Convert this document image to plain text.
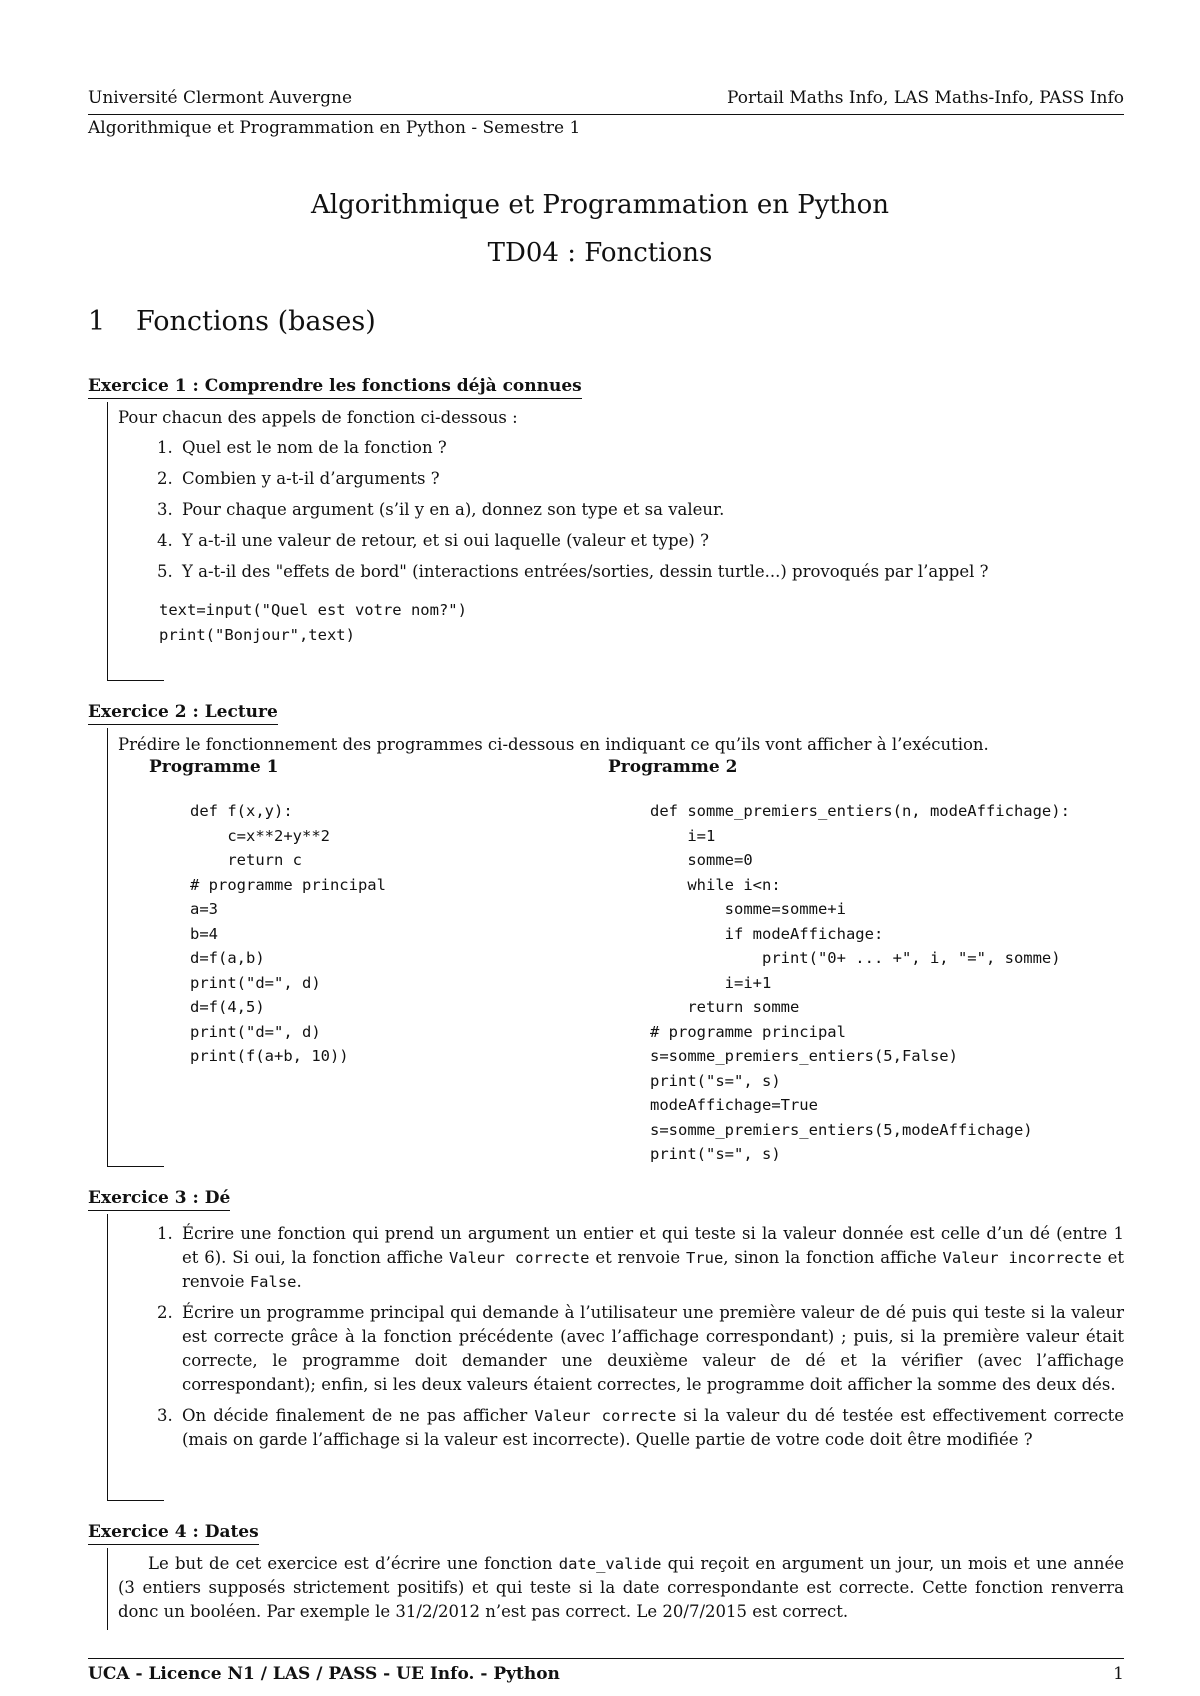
Université Clermont Auvergne	Portail Maths Info, LAS Maths-Info, PASS Info
Algorithmique et Programmation en Python - Semestre 1
Algorithmique et Programmation en Python
TD04 : Fonctions
1 Fonctions (bases)
Exercice 1 : Comprendre les fonctions déjà connues

Pour chacun des appels de fonction ci-dessous :

1. Quel est le nom de la fonction ?
2. Combien y a-t-il d’arguments ?
3. Pour chaque argument (s’il y en a), donnez son type et sa valeur.
4. Y a-t-il une valeur de retour, et si oui laquelle (valeur et type) ?
5. Y a-t-il des "effets de bord" (interactions entrées/sorties, dessin turtle...) provoqués par l’appel ?
text=input("Quel est votre nom?")
print("Bonjour",text)
Exercice 2 : Lecture
Prédire le fonctionnement des programmes ci-dessous en indiquant ce qu’ils vont afficher à l’exécution.
Programme 1	Programme 2
def f(x,y):
c=x**2+y**2
return c
# programme principal
a=3
b=4
d=f(a,b)
print("d=", d)
d=f(4,5)
print("d=", d)
print(f(a+b, 10))
def somme_premiers_entiers(n, modeAffichage):
i=1
somme=0
while i<n:
somme=somme+i
if modeAffichage:
print("0+ ... +", i, "=", somme)
i=i+1
return somme
# programme principal
s=somme_premiers_entiers(5,False)
print("s=", s)
modeAffichage=True
s=somme_premiers_entiers(5,modeAffichage)
print("s=", s)
Exercice 3 : Dé
1. Écrire une fonction qui prend un argument un entier et qui teste si la valeur donnée est celle d’un dé (entre 1 et 6). Si oui, la fonction affiche Valeur correcte et renvoie True, sinon la fonction affiche Valeur incorrecte et renvoie False.
2. Écrire un programme principal qui demande à l’utilisateur une première valeur de dé puis qui teste si la valeur est correcte grâce à la fonction précédente (avec l’affichage correspondant) ; puis, si la première valeur était correcte, le programme doit demander une deuxième valeur de dé et la vérifier (avec l’affichage correspondant); enfin, si les deux valeurs étaient correctes, le programme doit afficher la somme des deux dés.
3. On décide finalement de ne pas afficher Valeur correcte si la valeur du dé testée est effectivement correcte (mais on garde l’affichage si la valeur est incorrecte). Quelle partie de votre code doit être modifiée ?
Exercice 4 : Dates
Le but de cet exercice est d’écrire une fonction date_valide qui reçoit en argument un jour, un mois et une année (3 entiers supposés strictement positifs) et qui teste si la date correspondante est correcte. Cette fonction renverra donc un booléen. Par exemple le 31/2/2012 n’est pas correct. Le 20/7/2015 est correct.
UCA - Licence N1 / LAS / PASS - UE Info. - Python	1
